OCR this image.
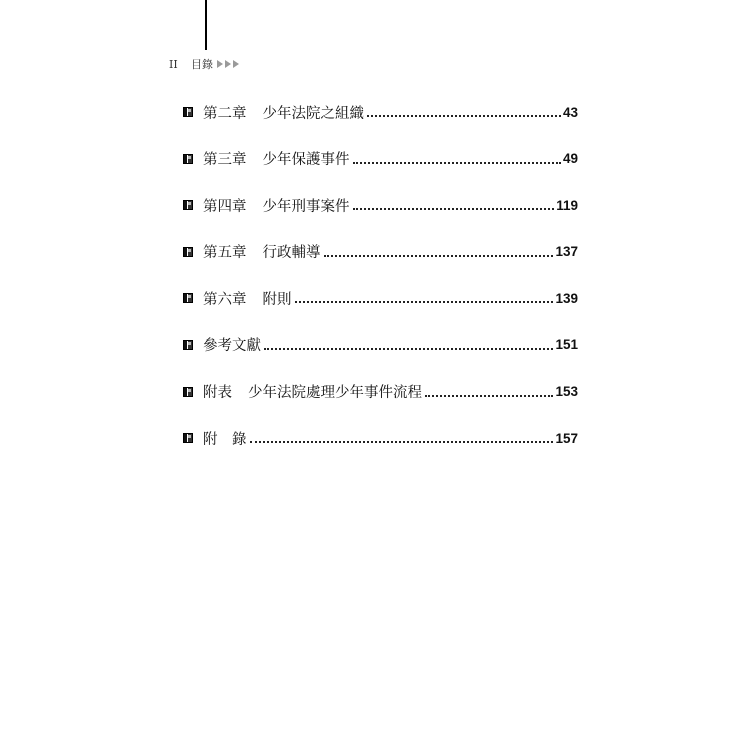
II	目錄
第二章 少年法院之組織	43
第三章 少年保護事件	49
第四章 少年刑事案件	119
第五章 行政輔導	137
第六章 附則	139
參考文獻	151
附表 少年法院處理少年事件流程	153
附　錄	157
